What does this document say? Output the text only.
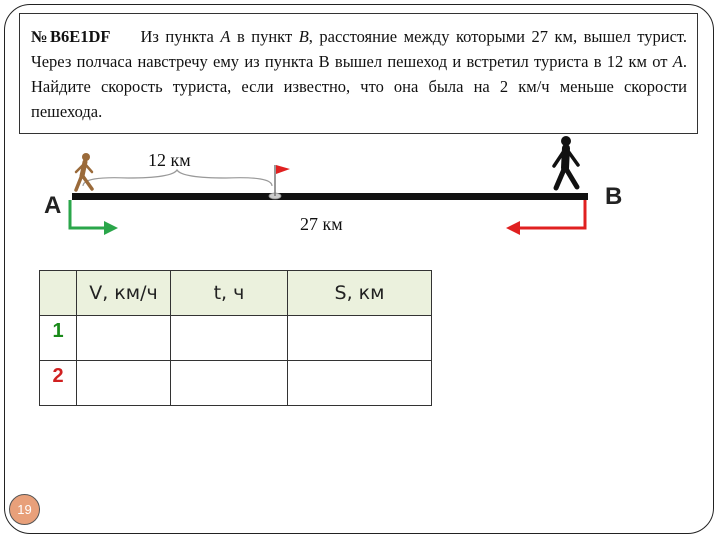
№B6E1DF Из пункта A в пункт B, расстояние между которыми 27 км, вышел турист. Через полчаса навстречу ему из пункта B вышел пешеход и встретил туриста в 12 км от A. Найдите скорость туриста, если известно, что она была на 2 км/ч меньше скорости пешехода.
A	B
12 км
27 км
	V, км/ч	t, ч	S, км
1			
2			
19
